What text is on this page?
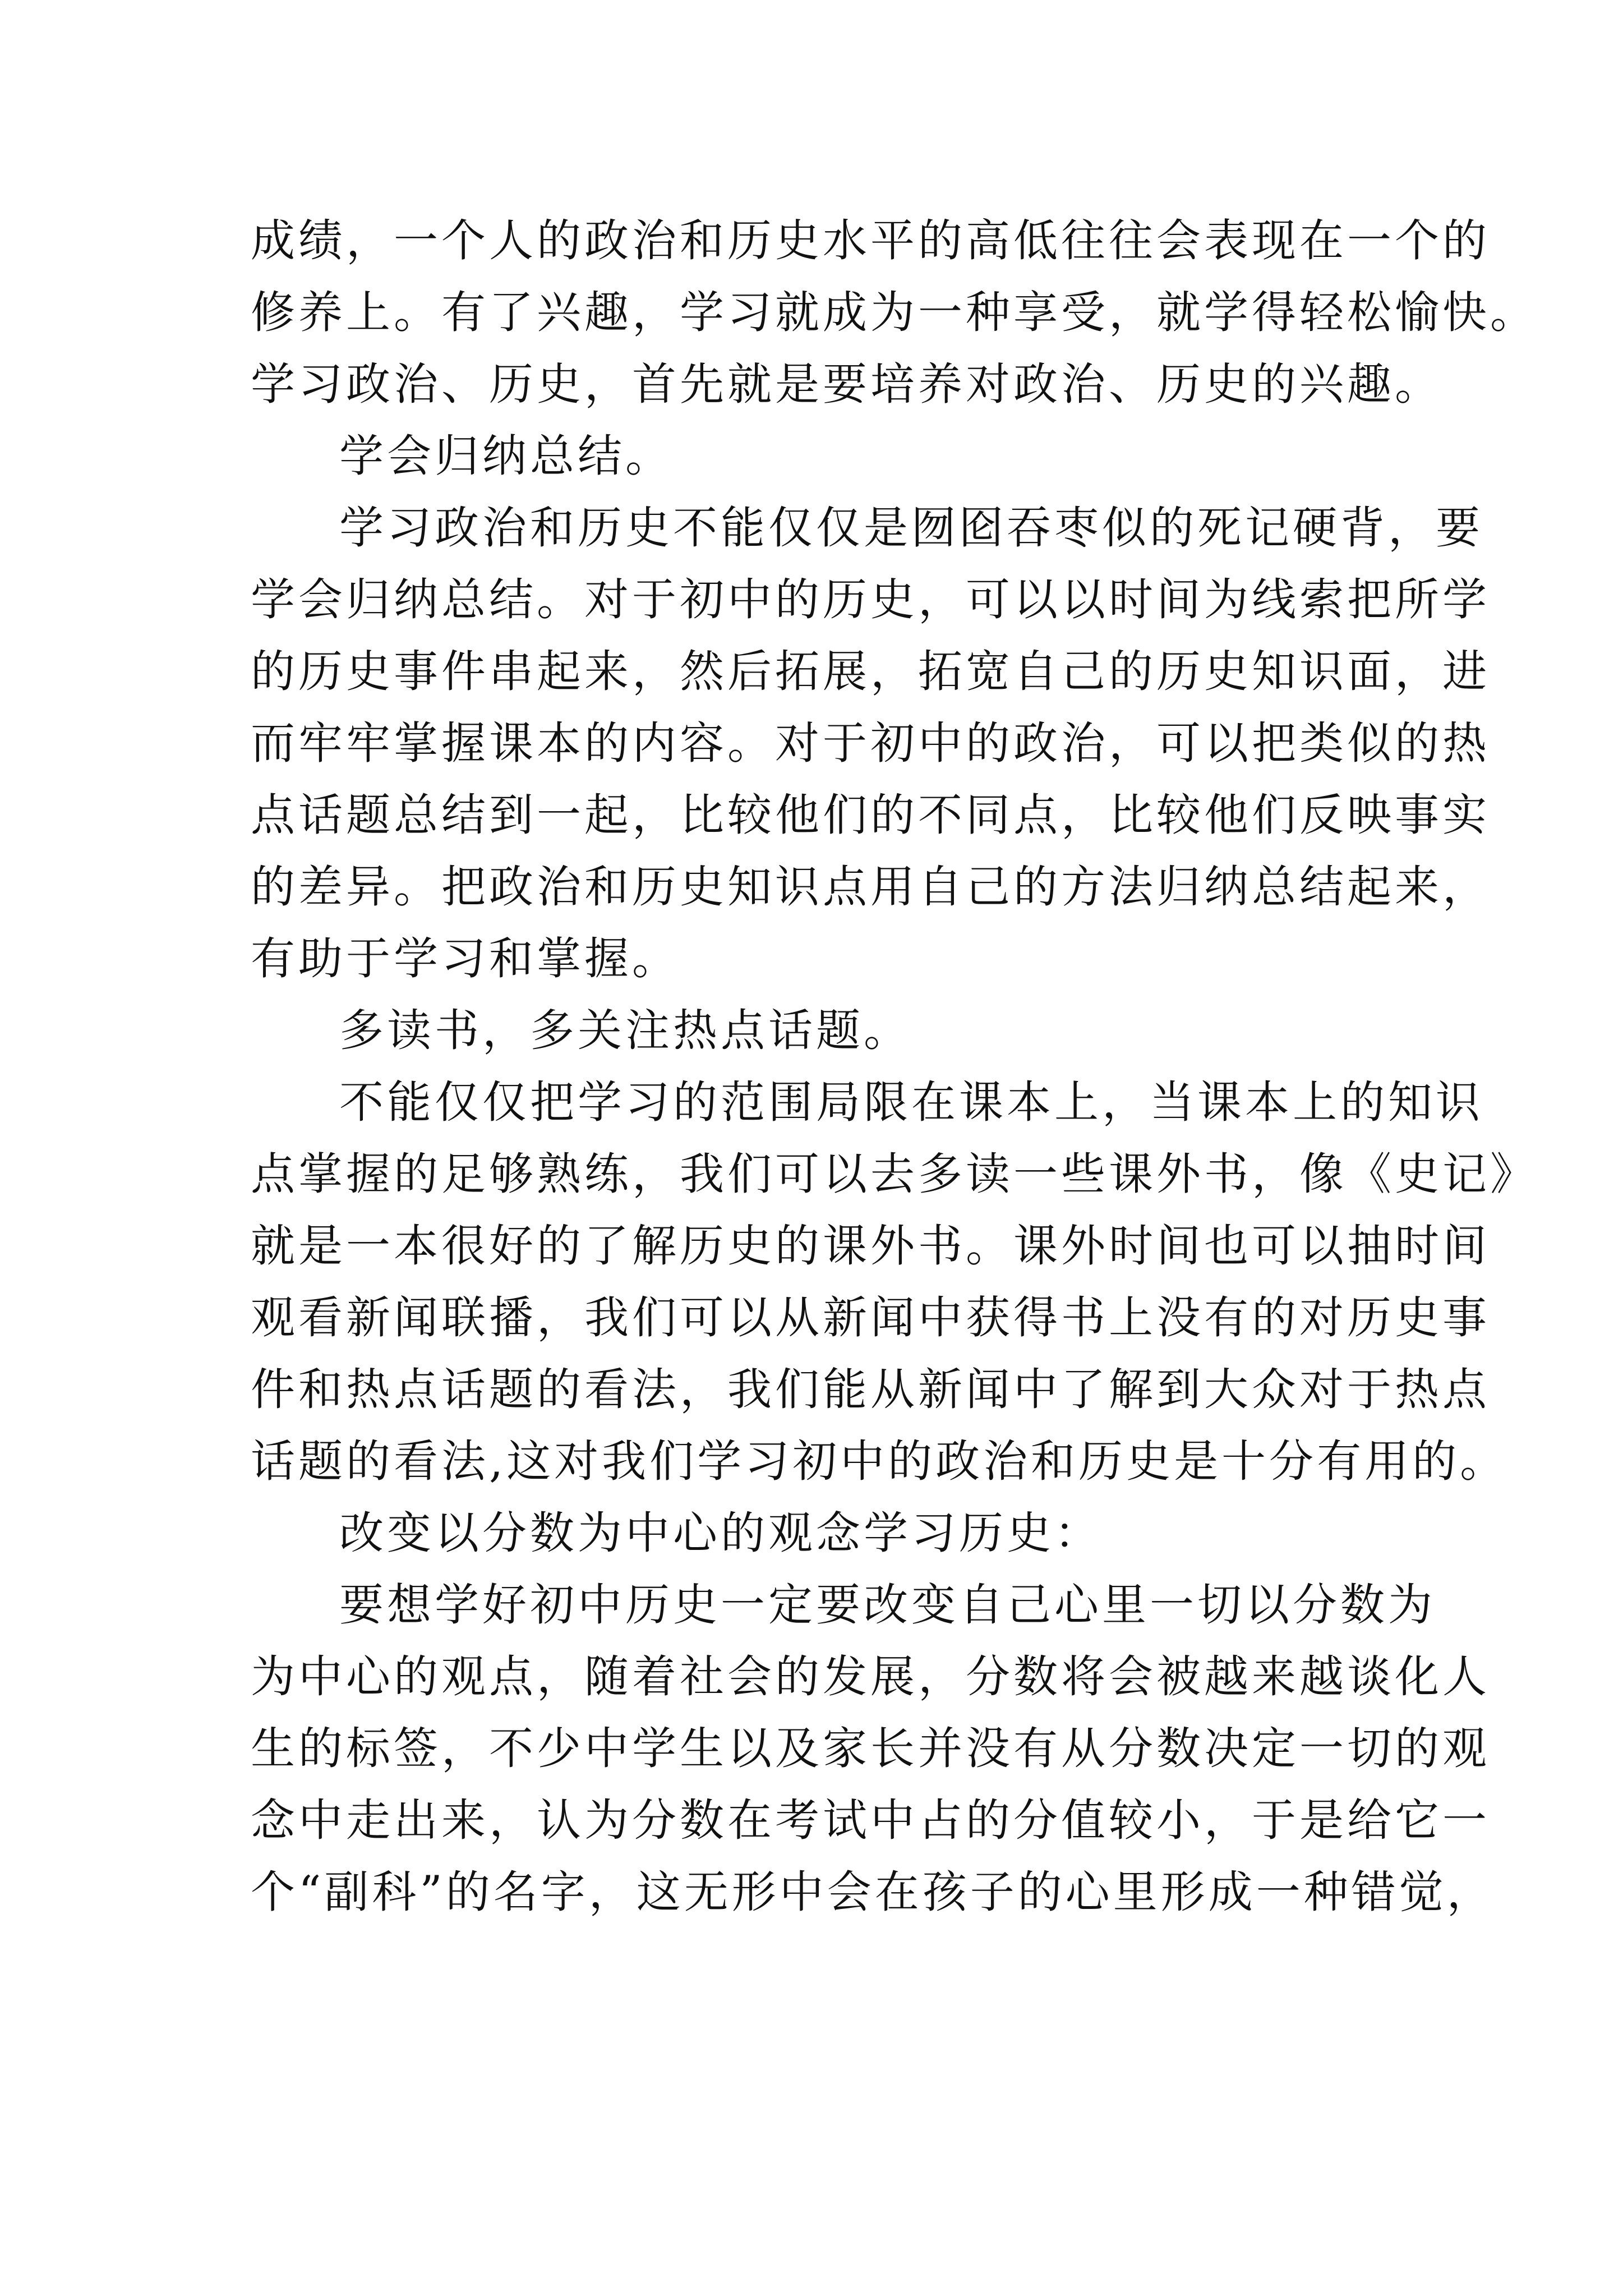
成绩，一个人的政治和历史水平的高低往往会表现在一个的
修养上。有了兴趣，学习就成为一种享受，就学得轻松愉快。
学习政治、历史，首先就是要培养对政治、历史的兴趣。
学会归纳总结。
学习政治和历史不能仅仅是囫囵吞枣似的死记硬背，要
学会归纳总结。对于初中的历史，可以以时间为线索把所学
的历史事件串起来，然后拓展，拓宽自己的历史知识面，进
而牢牢掌握课本的内容。对于初中的政治，可以把类似的热
点话题总结到一起，比较他们的不同点，比较他们反映事实
的差异。把政治和历史知识点用自己的方法归纳总结起来，
有助于学习和掌握。
多读书，多关注热点话题。
不能仅仅把学习的范围局限在课本上，当课本上的知识
点掌握的足够熟练，我们可以去多读一些课外书，像《史记》
就是一本很好的了解历史的课外书。课外时间也可以抽时间
观看新闻联播，我们可以从新闻中获得书上没有的对历史事
件和热点话题的看法，我们能从新闻中了解到大众对于热点
话题的看法,这对我们学习初中的政治和历史是十分有用的。
改变以分数为中心的观念学习历史：
要想学好初中历史一定要改变自己心里一切以分数为
为中心的观点，随着社会的发展，分数将会被越来越谈化人
生的标签，不少中学生以及家长并没有从分数决定一切的观
念中走出来，认为分数在考试中占的分值较小，于是给它一
个“副科”的名字，这无形中会在孩子的心里形成一种错觉，
